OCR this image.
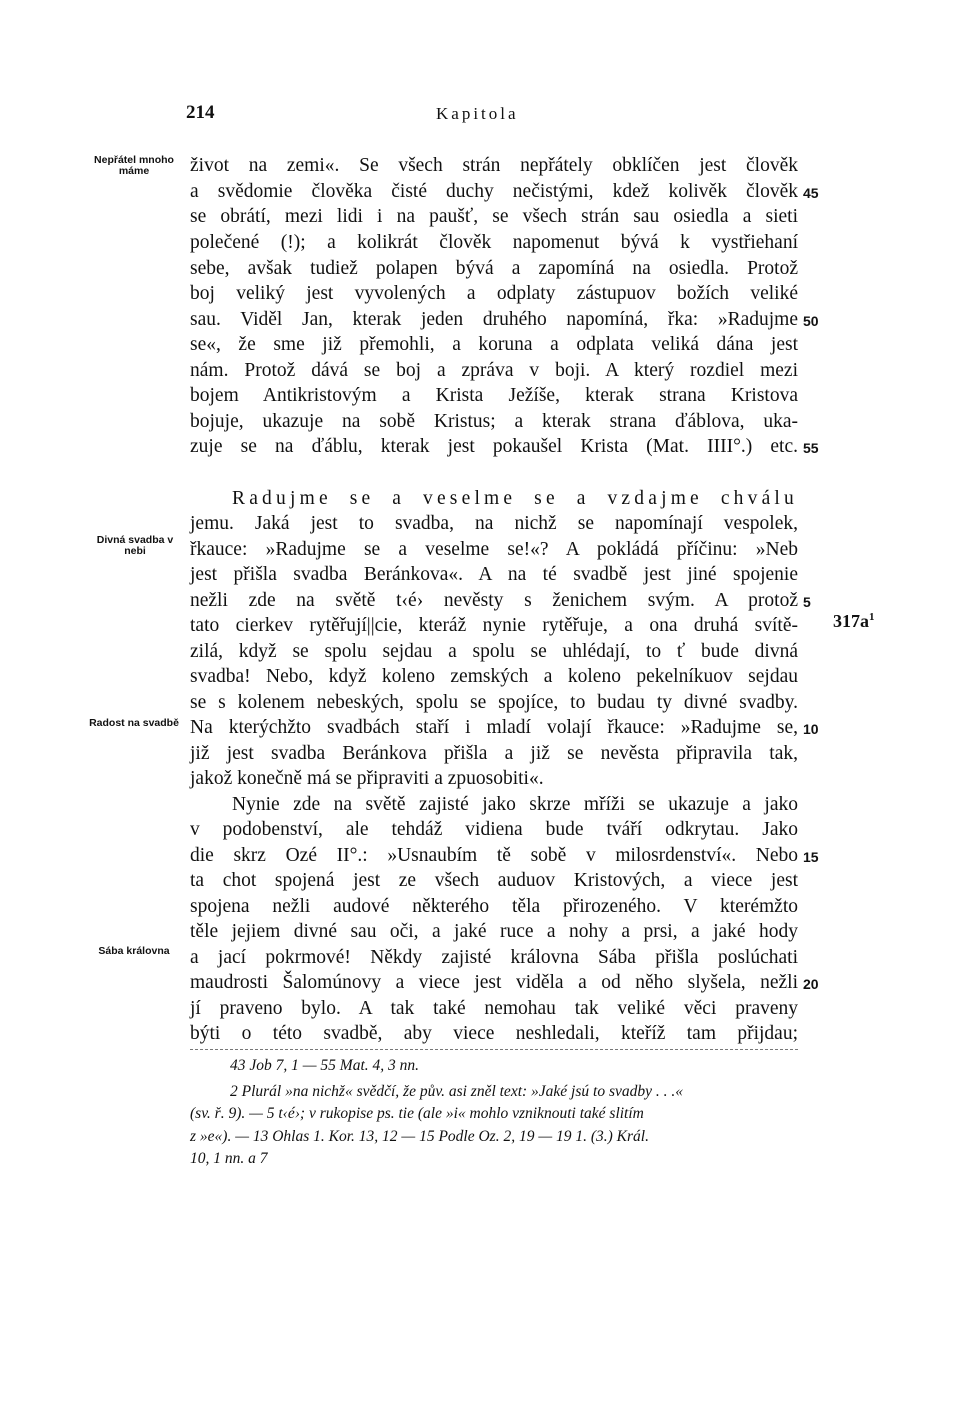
214	Kapitola
Nepřátel mnoho máme
Divná svadba v nebi
Radost na svadbě
Sába královna
$317a^1$
život na zemi«. Se všech strán nepřátely obklíčen jest člověk
a svědomie člověka čisté duchy nečistými, kdež kolivěk člověk
se obrátí, mezi lidi i na paušť, se všech strán sau osiedla a sieti
polečené (!); a kolikrát člověk napomenut bývá k vystřiehaní
sebe, avšak tudiež polapen bývá a zapomíná na osiedla. Protož
boj veliký jest vyvolených a odplaty zástupuov božích veliké
sau. Viděl Jan, kterak jeden druhého napomíná, řka: »Radujme
se«, že sme již přemohli, a koruna a odplata veliká dána jest
nám. Protož dává se boj a zpráva v boji. A který rozdiel mezi
bojem Antikristovým a Krista Ježíše, kterak strana Kristova
bojuje, ukazuje na sobě Kristus; a kterak strana ďáblova, uka-
zuje se na ďáblu, kterak jest pokaušel Krista (Mat. IIII°.) etc.
Radujme se a veselme se a vzdajme chválu
jemu. Jaká jest to svadba, na nichž se napomínají vespolek,
řkauce: »Radujme se a veselme se!«? A pokládá příčinu: »Neb
jest přišla svadba Beránkova«. A na té svadbě jest jiné spojenie
nežli zde na světě t‹é› nevěsty s ženichem svým. A protož
tato cierkev rytěřují||cie, kteráž nynie rytěřuje, a ona druhá svítě-
zilá, když se spolu sejdau a spolu se uhlédají, to ť bude divná
svadba! Nebo, když koleno zemských a koleno pekelníkuov sejdau
se s kolenem nebeských, spolu se spojíce, to budau ty divné svadby.
Na kterýchžto svadbách staří i mladí volají řkauce: »Radujme se,
již jest svadba Beránkova přišla a již se nevěsta připravila tak,
jakož konečně má se připraviti a zpuosobiti«.
Nynie zde na světě zajisté jako skrze mříži se ukazuje a jako
v podobenství, ale tehdáž vidiena bude tváří odkrytau. Jako
die skrz Ozé II°.: »Usnaubím tě sobě v milosrdenství«. Nebo
ta chot spojená jest ze všech auduov Kristových, a viece jest
spojena nežli audové některého těla přirozeného. V kterémžto
těle jejiem divné sau oči, a jaké ruce a nohy a prsi, a jaké hody
a jací pokrmové! Někdy zajisté královna Sába přišla poslúchati
maudrosti Šalomúnovy a viece jest viděla a od něho slyšela, nežli
jí praveno bylo. A tak také nemohau tak veliké věci praveny
býti o této svadbě, aby viece neshledali, kteříž tam přijdau;
45
50
55
5
10
15
20
43 Job 7, 1 — 55 Mat. 4, 3 nn.
2 Plurál »na nichž« svědčí, že pův. asi zněl text: »Jaké jsú to svadby . . .«
(sv. ř. 9). — 5 t‹é›; v rukopise ps. tie (ale »i« mohlo vzniknouti také slitím
z »e«). — 13 Ohlas 1. Kor. 13, 12 — 15 Podle Oz. 2, 19 — 19 1. (3.) Král.
10, 1 nn. a 7
